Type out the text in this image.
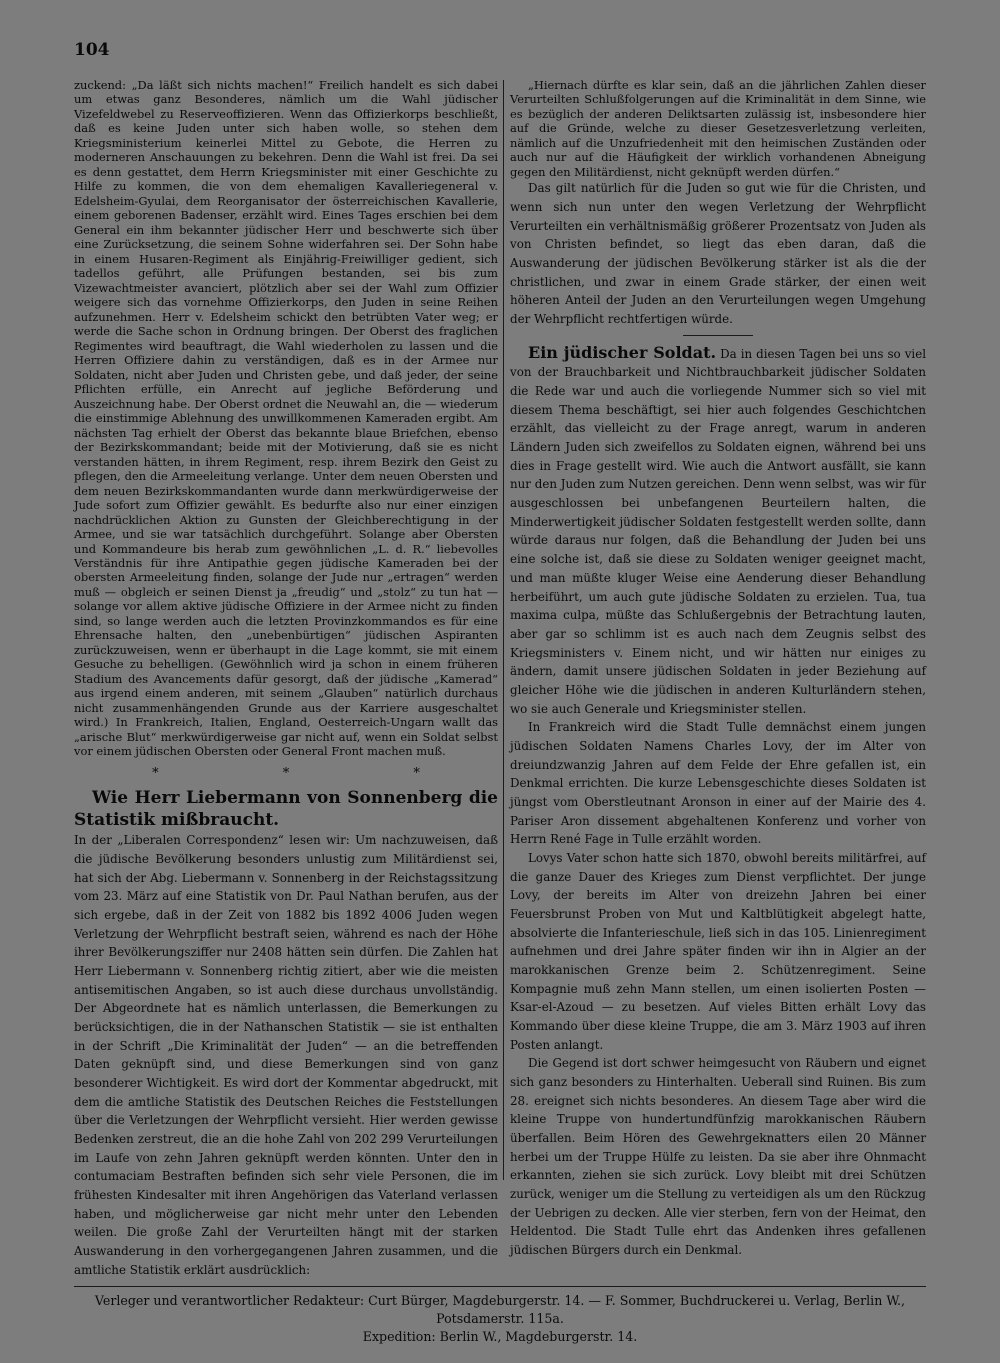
104

zuckend: „Da läßt sich nichts machen!“ Freilich handelt es sich dabei um etwas ganz Besonderes, nämlich um die Wahl jüdischer Vizefeldwebel zu Reserveoffizieren. Wenn das Offizierkorps beschließt, daß es keine Juden unter sich haben wolle, so stehen dem Kriegsministerium keinerlei Mittel zu Gebote, die Herren zu moderneren Anschauungen zu bekehren. Denn die Wahl ist frei. Da sei es denn gestattet, dem Herrn Kriegsminister mit einer Geschichte zu Hilfe zu kommen, die von dem ehemaligen Kavalleriegeneral v. Edelsheim-Gyulai, dem Reorganisator der österreichischen Kavallerie, einem geborenen Badenser, erzählt wird. Eines Tages erschien bei dem General ein ihm bekannter jüdischer Herr und beschwerte sich über eine Zurücksetzung, die seinem Sohne widerfahren sei. Der Sohn habe in einem Husaren-Regiment als Einjährig-Freiwilliger gedient, sich tadellos geführt, alle Prüfungen bestanden, sei bis zum Vizewachtmeister avanciert, plötzlich aber sei der Wahl zum Offizier weigere sich das vornehme Offizierkorps, den Juden in seine Reihen aufzunehmen. Herr v. Edelsheim schickt den betrübten Vater weg; er werde die Sache schon in Ordnung bringen. Der Oberst des fraglichen Regimentes wird beauftragt, die Wahl wiederholen zu lassen und die Herren Offiziere dahin zu verständigen, daß es in der Armee nur Soldaten, nicht aber Juden und Christen gebe, und daß jeder, der seine Pflichten erfülle, ein Anrecht auf jegliche Beförderung und Auszeichnung habe. Der Oberst ordnet die Neuwahl an, die — wiederum die einstimmige Ablehnung des unwillkommenen Kameraden ergibt. Am nächsten Tag erhielt der Oberst das bekannte blaue Briefchen, ebenso der Bezirkskommandant; beide mit der Motivierung, daß sie es nicht verstanden hätten, in ihrem Regiment, resp. ihrem Bezirk den Geist zu pflegen, den die Armeeleitung verlange. Unter dem neuen Obersten und dem neuen Bezirkskommandanten wurde dann merkwürdigerweise der Jude sofort zum Offizier gewählt. Es bedurfte also nur einer einzigen nachdrücklichen Aktion zu Gunsten der Gleichberechtigung in der Armee, und sie war tatsächlich durchgeführt. Solange aber Obersten und Kommandeure bis herab zum gewöhnlichen „L. d. R.“ liebevolles Verständnis für ihre Antipathie gegen jüdische Kameraden bei der obersten Armeeleitung finden, solange der Jude nur „ertragen“ werden muß — obgleich er seinen Dienst ja „freudig“ und „stolz“ zu tun hat — solange vor allem aktive jüdische Offiziere in der Armee nicht zu finden sind, so lange werden auch die letzten Provinzkommandos es für eine Ehrensache halten, den „unebenbürtigen“ jüdischen Aspiranten zurückzuweisen, wenn er überhaupt in die Lage kommt, sie mit einem Gesuche zu behelligen. (Gewöhnlich wird ja schon in einem früheren Stadium des Avancements dafür gesorgt, daß der jüdische „Kamerad“ aus irgend einem anderen, mit seinem „Glauben“ natürlich durchaus nicht zusammenhängenden Grunde aus der Karriere ausgeschaltet wird.) In Frankreich, Italien, England, Oesterreich-Ungarn wallt das „arische Blut“ merkwürdigerweise gar nicht auf, wenn ein Soldat selbst vor einem jüdischen Obersten oder General Front machen muß.

* * *

Wie Herr Liebermann von Sonnenberg die Statistik mißbraucht.

In der „Liberalen Correspondenz“ lesen wir: Um nachzuweisen, daß die jüdische Bevölkerung besonders unlustig zum Militärdienst sei, hat sich der Abg. Liebermann v. Sonnenberg in der Reichstagssitzung vom 23. März auf eine Statistik von Dr. Paul Nathan berufen, aus der sich ergebe, daß in der Zeit von 1882 bis 1892 4006 Juden wegen Verletzung der Wehrpflicht bestraft seien, während es nach der Höhe ihrer Bevölkerungsziffer nur 2408 hätten sein dürfen. Die Zahlen hat Herr Liebermann v. Sonnenberg richtig zitiert, aber wie die meisten antisemitischen Angaben, so ist auch diese durchaus unvollständig. Der Abgeordnete hat es nämlich unterlassen, die Bemerkungen zu berücksichtigen, die in der Nathanschen Statistik — sie ist enthalten in der Schrift „Die Kriminalität der Juden“ — an die betreffenden Daten geknüpft sind, und diese Bemerkungen sind von ganz besonderer Wichtigkeit. Es wird dort der Kommentar abgedruckt, mit dem die amtliche Statistik des Deutschen Reiches die Feststellungen über die Verletzungen der Wehrpflicht versieht. Hier werden gewisse Bedenken zerstreut, die an die hohe Zahl von 202 299 Verurteilungen im Laufe von zehn Jahren geknüpft werden könnten. Unter den in contumaciam Bestraften befinden sich sehr viele Personen, die im frühesten Kindesalter mit ihren Angehörigen das Vaterland verlassen haben, und möglicherweise gar nicht mehr unter den Lebenden weilen. Die große Zahl der Verurteilten hängt mit der starken Auswanderung in den vorhergegangenen Jahren zusammen, und die amtliche Statistik erklärt ausdrücklich:

„Hiernach dürfte es klar sein, daß an die jährlichen Zahlen dieser Verurteilten Schlußfolgerungen auf die Kriminalität in dem Sinne, wie es bezüglich der anderen Deliktsarten zulässig ist, insbesondere hier auf die Gründe, welche zu dieser Gesetzesverletzung verleiten, nämlich auf die Unzufriedenheit mit den heimischen Zuständen oder auch nur auf die Häufigkeit der wirklich vorhandenen Abneigung gegen den Militärdienst, nicht geknüpft werden dürfen.“

Das gilt natürlich für die Juden so gut wie für die Christen, und wenn sich nun unter den wegen Verletzung der Wehrpflicht Verurteilten ein verhältnismäßig größerer Prozentsatz von Juden als von Christen befindet, so liegt das eben daran, daß die Auswanderung der jüdischen Bevölkerung stärker ist als die der christlichen, und zwar in einem Grade stärker, der einen weit höheren Anteil der Juden an den Verurteilungen wegen Umgehung der Wehrpflicht rechtfertigen würde.

Ein jüdischer Soldat. Da in diesen Tagen bei uns so viel von der Brauchbarkeit und Nichtbrauchbarkeit jüdischer Soldaten die Rede war und auch die vorliegende Nummer sich so viel mit diesem Thema beschäftigt, sei hier auch folgendes Geschichtchen erzählt, das vielleicht zu der Frage anregt, warum in anderen Ländern Juden sich zweifellos zu Soldaten eignen, während bei uns dies in Frage gestellt wird. Wie auch die Antwort ausfällt, sie kann nur den Juden zum Nutzen gereichen. Denn wenn selbst, was wir für ausgeschlossen bei unbefangenen Beurteilern halten, die Minderwertigkeit jüdischer Soldaten festgestellt werden sollte, dann würde daraus nur folgen, daß die Behandlung der Juden bei uns eine solche ist, daß sie diese zu Soldaten weniger geeignet macht, und man müßte kluger Weise eine Aenderung dieser Behandlung herbeiführt, um auch gute jüdische Soldaten zu erzielen. Tua, tua maxima culpa, müßte das Schlußergebnis der Betrachtung lauten, aber gar so schlimm ist es auch nach dem Zeugnis selbst des Kriegsministers v. Einem nicht, und wir hätten nur einiges zu ändern, damit unsere jüdischen Soldaten in jeder Beziehung auf gleicher Höhe wie die jüdischen in anderen Kulturländern stehen, wo sie auch Generale und Kriegsminister stellen.

In Frankreich wird die Stadt Tulle demnächst einem jungen jüdischen Soldaten Namens Charles Lovy, der im Alter von dreiundzwanzig Jahren auf dem Felde der Ehre gefallen ist, ein Denkmal errichten. Die kurze Lebensgeschichte dieses Soldaten ist jüngst vom Oberstleutnant Aronson in einer auf der Mairie des 4. Pariser Aron dissement abgehaltenen Konferenz und vorher von Herrn René Fage in Tulle erzählt worden.

Lovys Vater schon hatte sich 1870, obwohl bereits militärfrei, auf die ganze Dauer des Krieges zum Dienst verpflichtet. Der junge Lovy, der bereits im Alter von dreizehn Jahren bei einer Feuersbrunst Proben von Mut und Kaltblütigkeit abgelegt hatte, absolvierte die Infanterieschule, ließ sich in das 105. Linienregiment aufnehmen und drei Jahre später finden wir ihn in Algier an der marokkanischen Grenze beim 2. Schützenregiment. Seine Kompagnie muß zehn Mann stellen, um einen isolierten Posten — Ksar-el-Azoud — zu besetzen. Auf vieles Bitten erhält Lovy das Kommando über diese kleine Truppe, die am 3. März 1903 auf ihren Posten anlangt.

Die Gegend ist dort schwer heimgesucht von Räubern und eignet sich ganz besonders zu Hinterhalten. Ueberall sind Ruinen. Bis zum 28. ereignet sich nichts besonderes. An diesem Tage aber wird die kleine Truppe von hundertundfünfzig marokkanischen Räubern überfallen. Beim Hören des Gewehrgeknatters eilen 20 Männer herbei um der Truppe Hülfe zu leisten. Da sie aber ihre Ohnmacht erkannten, ziehen sie sich zurück. Lovy bleibt mit drei Schützen zurück, weniger um die Stellung zu verteidigen als um den Rückzug der Uebrigen zu decken. Alle vier sterben, fern von der Heimat, den Heldentod. Die Stadt Tulle ehrt das Andenken ihres gefallenen jüdischen Bürgers durch ein Denkmal.

Verleger und verantwortlicher Redakteur: Curt Bürger, Magdeburgerstr. 14. — F. Sommer, Buchdruckerei u. Verlag, Berlin W., Potsdamerstr. 115a.
Expedition: Berlin W., Magdeburgerstr. 14.
